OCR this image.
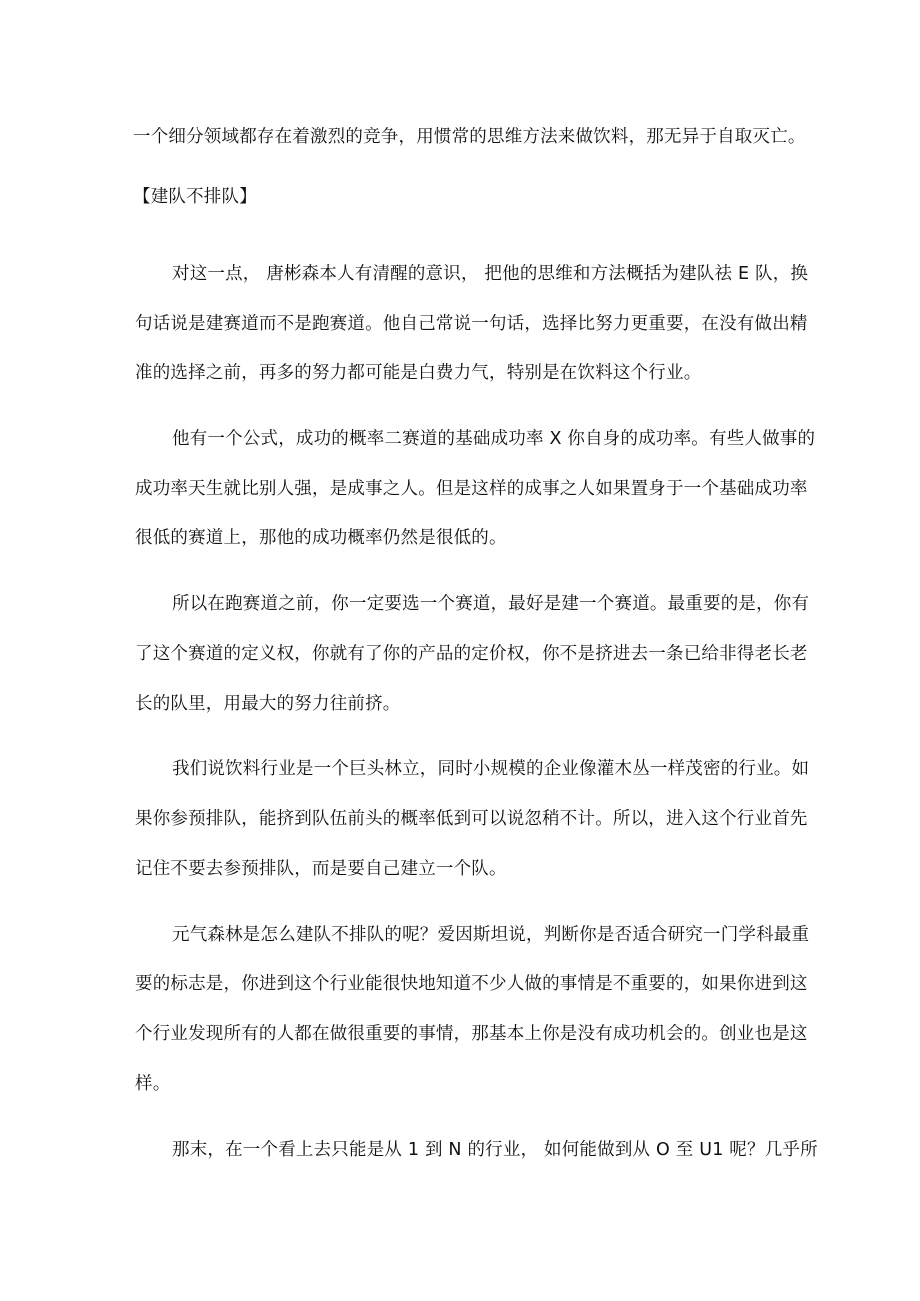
一个细分领域都存在着激烈的竞争，用惯常的思维方法来做饮料，那无异于自取灭亡。
【建队不排队】
对这一点， 唐彬森本人有清醒的意识， 把他的思维和方法概括为建队祛 E 队，换
句话说是建赛道而不是跑赛道。他自己常说一句话，选择比努力更重要，在没有做出精
准的选择之前，再多的努力都可能是白费力气，特别是在饮料这个行业。
他有一个公式，成功的概率二赛道的基础成功率 X 你自身的成功率。有些人做事的
成功率天生就比别人强，是成事之人。但是这样的成事之人如果置身于一个基础成功率
很低的赛道上，那他的成功概率仍然是很低的。
所以在跑赛道之前，你一定要选一个赛道，最好是建一个赛道。最重要的是，你有
了这个赛道的定义权，你就有了你的产品的定价权，你不是挤进去一条已给非得老长老
长的队里，用最大的努力往前挤。
我们说饮料行业是一个巨头林立，同时小规模的企业像灌木丛一样茂密的行业。如
果你参预排队，能挤到队伍前头的概率低到可以说忽稍不计。所以，进入这个行业首先
记住不要去参预排队，而是要自己建立一个队。
元气森林是怎么建队不排队的呢？爱因斯坦说，判断你是否适合研究一门学科最重
要的标志是，你进到这个行业能很快地知道不少人做的事情是不重要的，如果你进到这
个行业发现所有的人都在做很重要的事情，那基本上你是没有成功机会的。创业也是这
样。
那末，在一个看上去只能是从 1 到 N 的行业， 如何能做到从 O 至 U1 呢？几乎所
